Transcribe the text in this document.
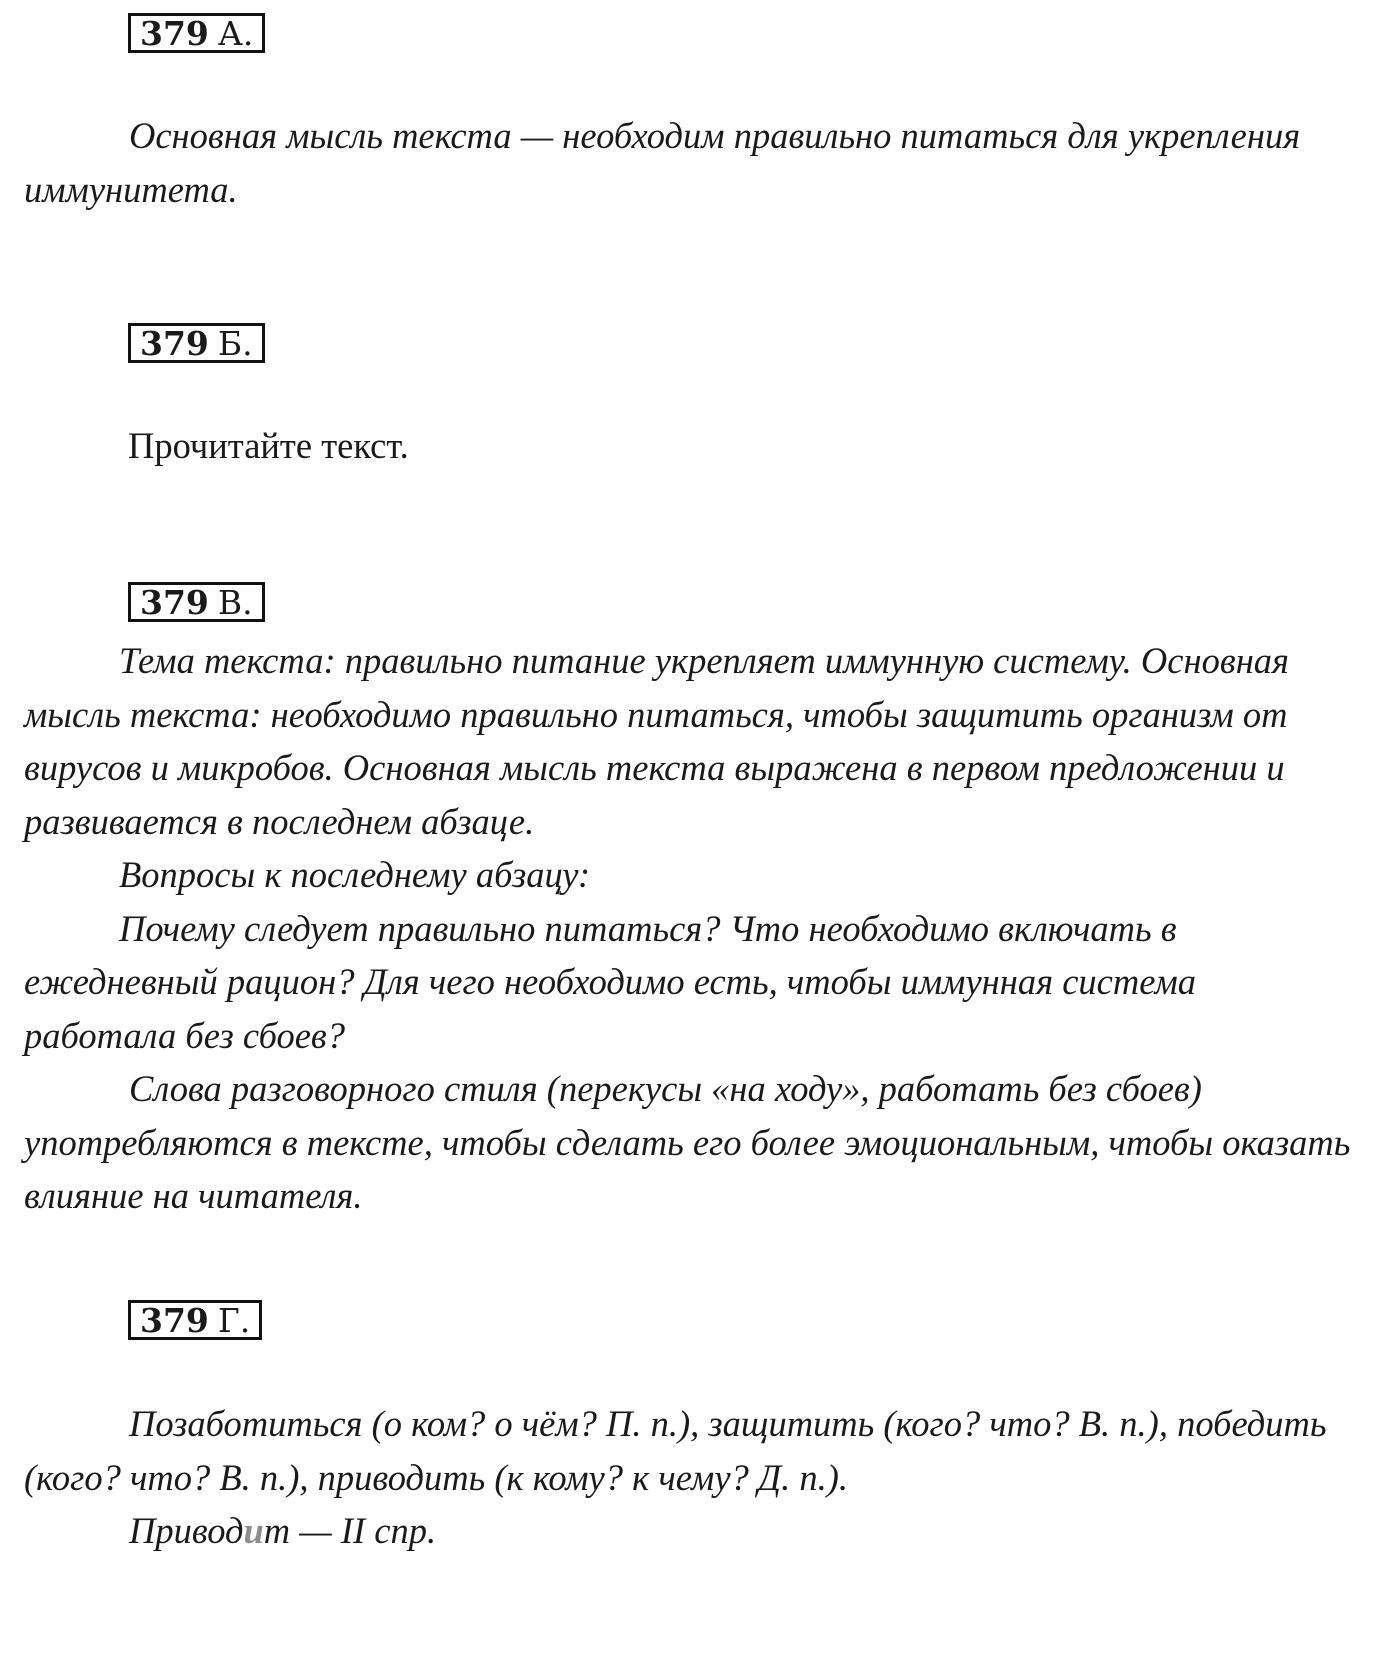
379 А.

Основная мысль текста — необходим правильно питаться для укрепления иммунитета.

379 Б.
Прочитайте текст.
379 В.

Тема текста: правильно питание укрепляет иммунную систему. Основная мысль текста: необходимо правильно питаться, чтобы защитить организм от вирусов и микробов. Основная мысль текста выражена в первом предложении и развивается в последнем абзаце.

Вопросы к последнему абзацу:

Почему следует правильно питаться? Что необходимо включать в ежедневный рацион? Для чего необходимо есть, чтобы иммунная система работала без сбоев?

Слова разговорного стиля (перекусы «на ходу», работать без сбоев) употребляются в тексте, чтобы сделать его более эмоциональным, чтобы оказать влияние на читателя.

379 Г.

Позаботиться (о ком? о чём? П. п.), защитить (кого? что? В. п.), победить (кого? что? В. п.), приводить (к кому? к чему? Д. п.).

Приводит — II спр.
